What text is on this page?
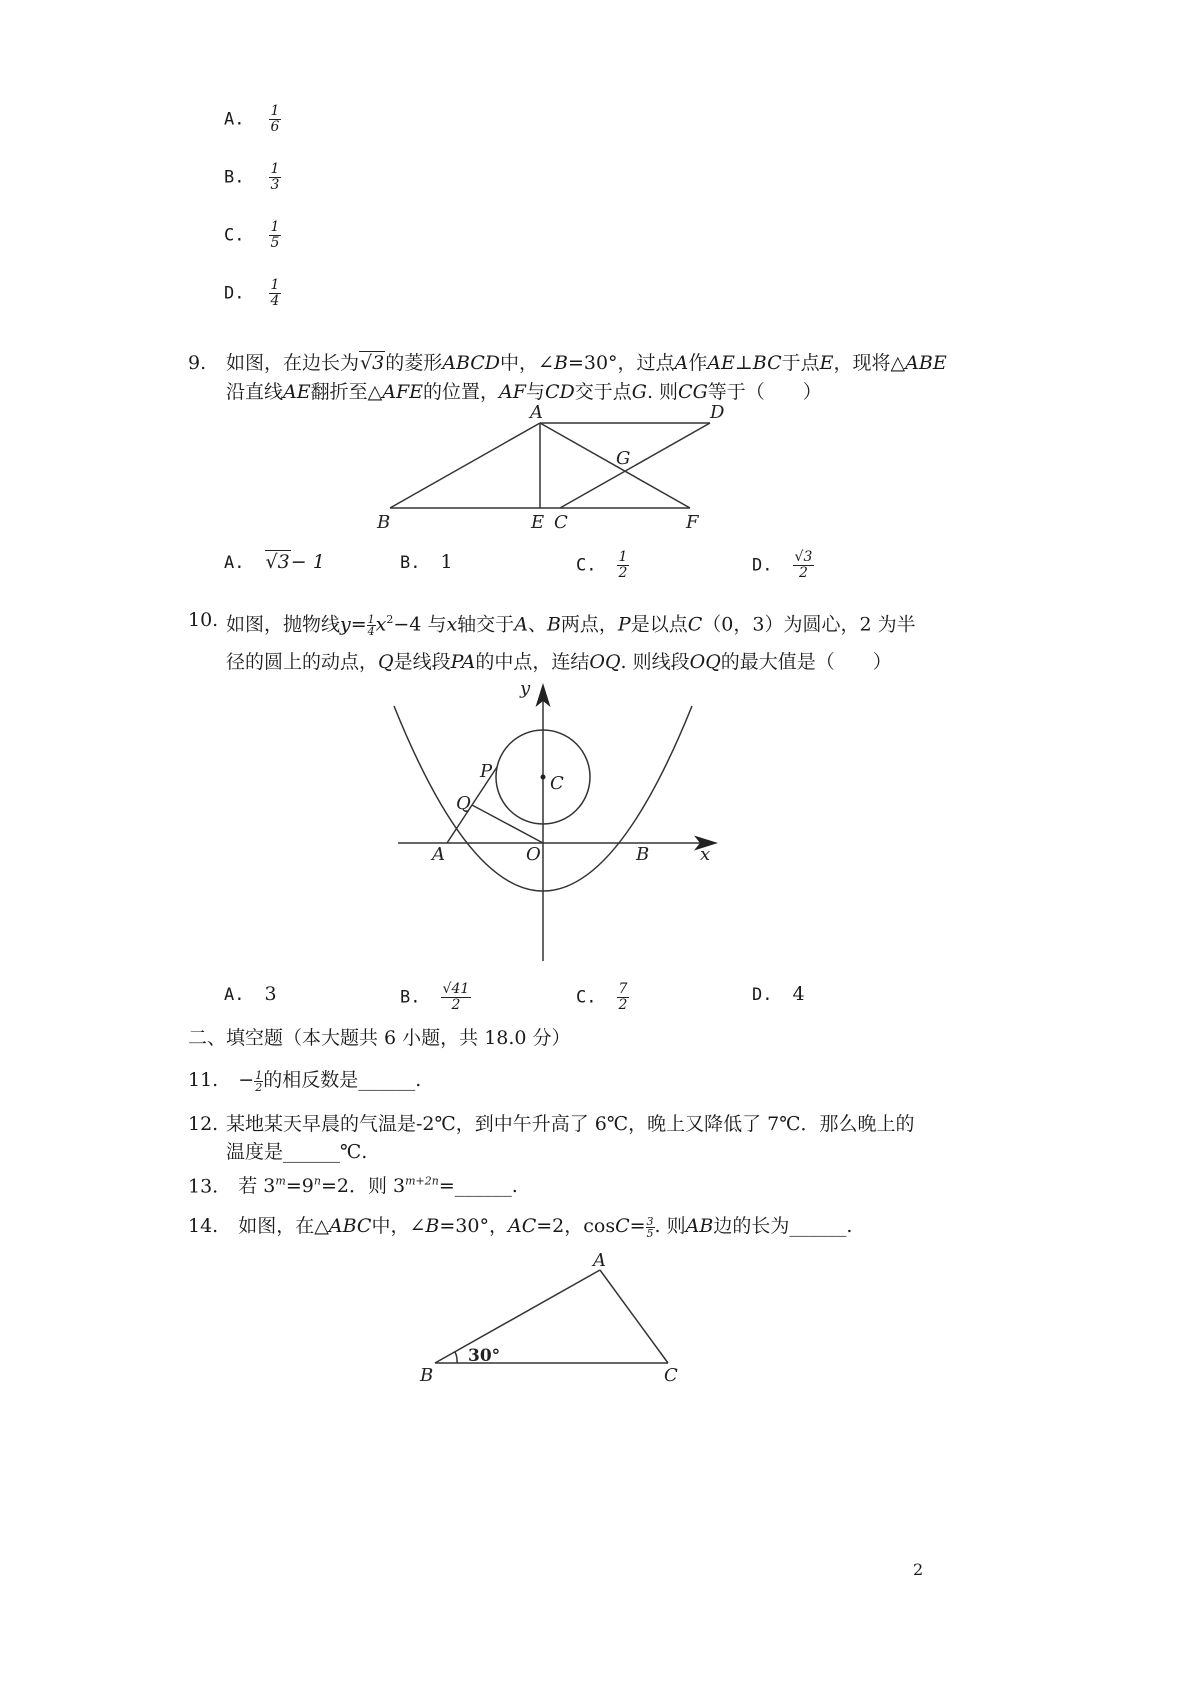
A. $\frac{1}{6}$
B. $\frac{1}{3}$
C. $\frac{1}{5}$
D. $\frac{1}{4}$
9. 如图，在边长为√3的菱形ABCD中，∠B=30°，过点A作AE⊥BC于点E，现将△ABE
沿直线AE翻折至△AFE的位置，AF与CD交于点G. 则CG等于（　　）
A	D
G
B	E C	F
A. √3− 1	B. 1	C. $\frac{1}{2}$	D. $\frac{√3}{2}$
10. 如图，抛物线$y= \frac{1}{4} x^2-4$ 与x轴交于A、B两点，P是以点C（0，3）为圆心，2 为半
径的圆上的动点，Q是线段PA的中点，连结OQ. 则线段OQ的最大值是（　　）
y
x
P
C
Q
A	O	B
A. 3	B. $\frac{√41}{2}$	C. $\frac{7}{2}$	D. 4
二、填空题（本大题共 6 小题，共 18.0 分）
11. − $\frac{1}{2}$ 的相反数是______.
12. 某地某天早晨的气温是-2℃，到中午升高了 6℃，晚上又降低了 7℃．那么晚上的
温度是______℃.
13. 若 $3^m=9^n=2$．则 $3^{m+2n}=\_\_\_\_\_\_$.
14. 如图，在△ABC中，∠B=30°，AC=2，$\cos C= \frac{3}{5}$ . 则AB边的长为______.
A
B	C
30°
2
